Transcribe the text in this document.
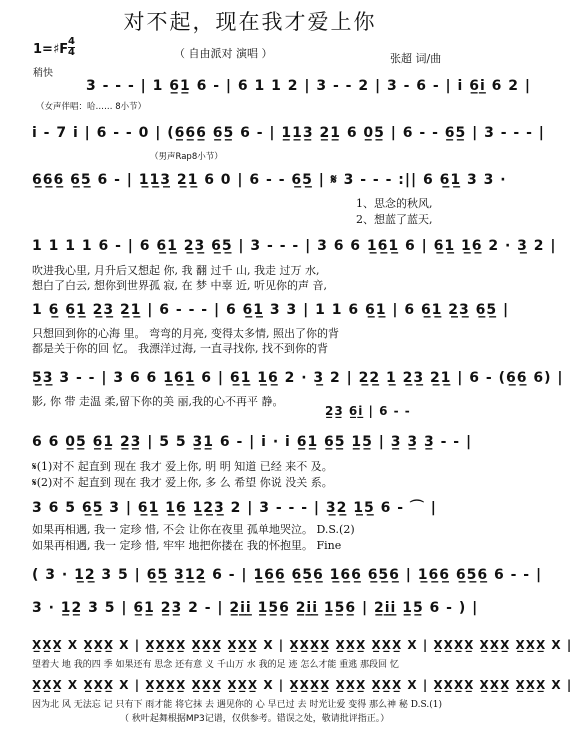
对不起，现在我才爱上你
（ 自由派对 演唱 ）	张超 词/曲
1=♯F
4
4
稍快
3 - - - | 1 6̲1̲ 6 - | 6 1 1 2 | 3 - - 2 | 3 - 6 - | i 6̲i̲ 6 2 |
（女声伴唱：哈…… 8小节）
i - 7 i | 6 - - 0 | (6̲6̲6̲ 6̲5̲ 6 - | 1̲1̲3̲ 2̲1̲ 6 0̲5̲ | 6 - - 6̲5̲ | 3 - - - |
（男声Rap8小节）
6̲6̲6̲ 6̲5̲ 6 - | 1̲1̲3̲ 2̲1̲ 6 0 | 6 - - 6̲5̲ | 𝄋 3 - - - :|| 6 6̲1̲ 3 3 ·
1、思念的秋风,
2、想蓝了蓝天,
1 1 1 1 6 - | 6 6̲1̲ 2̲3̲ 6̲5̲ | 3 - - - | 3 6 6 1̲6̲1̲ 6 | 6̲1̲ 1̲6̲ 2 · 3̲ 2 |
吹进我心里, 月升后又想起 你, 我 翻 过千 山, 我走 过万 水,
想白了白云, 想你到世界孤 寂, 在 梦 中辜 近, 听见你的声 音,
1 6̲ 6̲1̲ 2̲3̲ 2̲1̲ | 6 - - - | 6 6̲1̲ 3 3 | 1 1 6 6̲1̲ | 6 6̲1̲ 2̲3̲ 6̲5̲ |
只想回到你的心海 里。 弯弯的月亮, 变得太多情, 照出了你的背
都是关于你的回 忆。 我漂洋过海, 一直寻找你, 找不到你的背
5̲3̲ 3 - - | 3 6 6 1̲6̲1̲ 6 | 6̲1̲ 1̲6̲ 2 · 3̲ 2 | 2̲2̲ 1̲ 2̲3̲ 2̲1̲ | 6 - (6̲6̲ 6) |
影, 你 带 走温 柔,留下你的美 丽,我的心不再平 静。
2̲3̲ 6̲i̲ | 6 - -
6 6 0̲5̲ 6̲1̲ 2̲3̲ | 5 5 3̲1̲ 6 - | i · i 6̲1̲ 6̲5̲ 1̲5̲ | 3̲ 3̲ 3̲ - - |
𝄋(1)对不 起直到 现在 我才 爱上你, 明 明 知道 已经 来不 及。
𝄋(2)对不 起直到 现在 我才 爱上你, 多 么 希望 你说 没关 系。
3 6 5 6̲5̲ 3 | 6̲1̲ 1̲6̲ 1̲2̲3̲ 2 | 3 - - - | 3̲2̲ 1̲5̲ 6 - ⌒ |
如果再相遇, 我一 定珍 惜, 不会 让你在夜里 孤单地哭泣。 D.S.(2)
如果再相遇, 我一 定珍 惜, 牢牢 地把你搂在 我的怀抱里。 Fine
( 3 · 1̲2̲ 3 5 | 6̲5̲ 3̲1̲2̲ 6 - | 1̲6̲6̲ 6̲5̲6̲ 1̲6̲6̲ 6̲5̲6̲ | 1̲6̲6̲ 6̲5̲6̲ 6 - - |
3 · 1̲2̲ 3 5 | 6̲1̲ 2̲3̲ 2 - | 2̲i̲i̲ 1̲5̲6̲ 2̲i̲i̲ 1̲5̲6̲ | 2̲i̲i̲ 1̲5̲ 6 - ) |
X̲X̲X̲ X X̲X̲X̲ X | X̲X̲X̲X̲ X̲X̲X̲ X̲X̲X̲ X | X̲X̲X̲X̲ X̲X̲X̲ X̲X̲X̲ X | X̲X̲X̲X̲ X̲X̲X̲ X̲X̲X̲ X |
望着大 地 我的四 季 如果还有 思念 还有意 义 千山万 水 我的足 迹 怎么才能 重逃 那段回 忆
X̲X̲X̲ X X̲X̲X̲ X | X̲X̲X̲X̲ X̲X̲X̲ X̲X̲X̲ X | X̲X̲X̲X̲ X̲X̲X̲ X̲X̲X̲ X | X̲X̲X̲X̲ X̲X̲X̲ X̲X̲X̲ X |
因为北 风 无法忘 记 只有下 雨才能 将它抹 去 遇见你的 心 早已过 去 时光让爱 变得 那么神 秘 D.S.(1)
（ 秋叶起舞根据MP3记谱，仅供参考。错误之处，敬请批评指正。）
